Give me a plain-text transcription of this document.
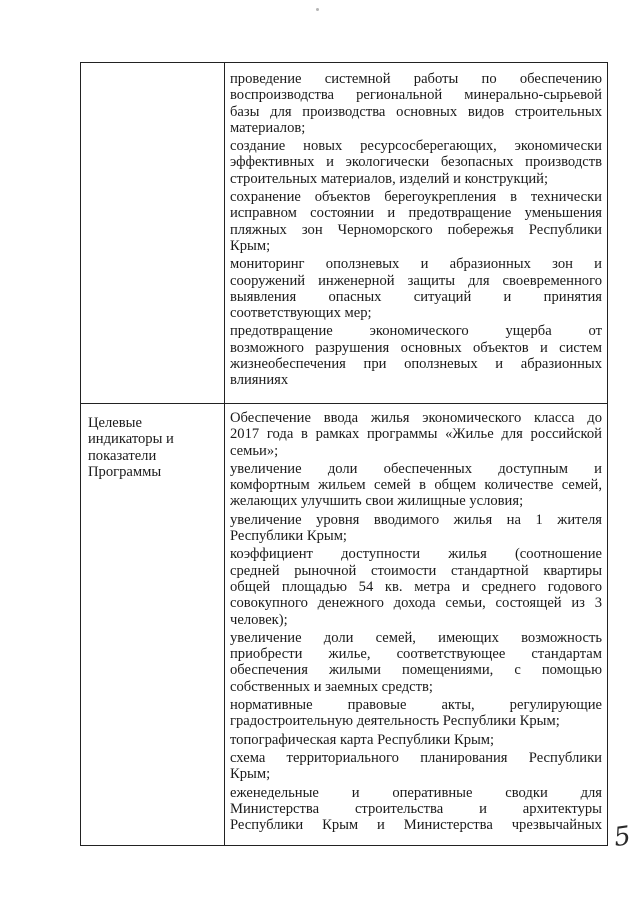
Целевые
индикаторы и
показатели
Программы
проведение системной работы по обеспечению
воспроизводства региональной минерально-сырьевой
базы для производства основных видов строительных
материалов;
создание новых ресурсосберегающих, экономически
эффективных и экологически безопасных производств
строительных материалов, изделий и конструкций;
сохранение объектов берегоукрепления в технически
исправном состоянии и предотвращение уменьшения
пляжных зон Черноморского побережья Республики
Крым;
мониторинг оползневых и абразионных зон и
сооружений инженерной защиты для своевременного
выявления опасных ситуаций и принятия
соответствующих мер;
предотвращение экономического ущерба от
возможного разрушения основных объектов и систем
жизнеобеспечения при оползневых и абразионных
влияниях
Обеспечение ввода жилья экономического класса до
2017 года в рамках программы «Жилье для российской
семьи»;
увеличение доли обеспеченных доступным и
комфортным жильем семей в общем количестве семей,
желающих улучшить свои жилищные условия;
увеличение уровня вводимого жилья на 1 жителя
Республики Крым;
коэффициент доступности жилья (соотношение
средней рыночной стоимости стандартной квартиры
общей площадью 54 кв. метра и среднего годового
совокупного денежного дохода семьи, состоящей из 3
человек);
увеличение доли семей, имеющих возможность
приобрести жилье, соответствующее стандартам
обеспечения жилыми помещениями, с помощью
собственных и заемных средств;
нормативные правовые акты, регулирующие
градостроительную деятельность Республики Крым;
топографическая карта Республики Крым;
схема территориального планирования Республики
Крым;
еженедельные и оперативные сводки для
Министерства строительства и архитектуры
Республики Крым и Министерства чрезвычайных 5
